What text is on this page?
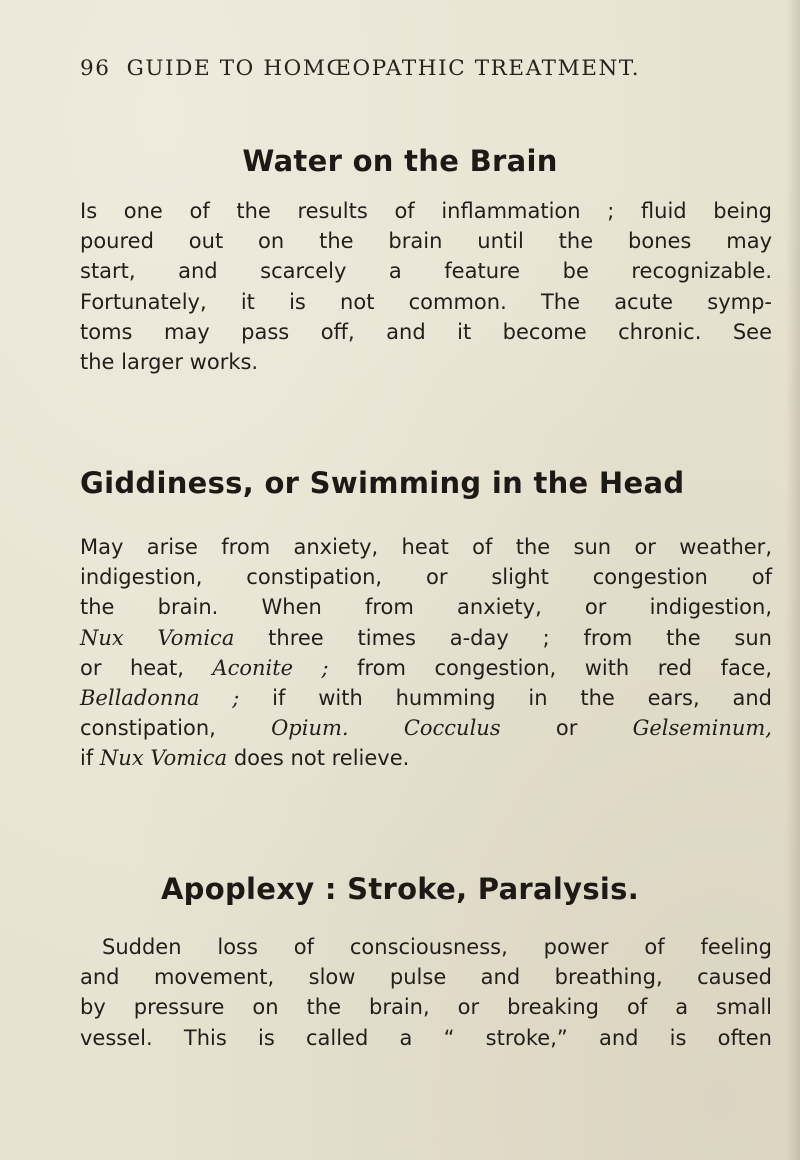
96 GUIDE TO HOMŒOPATHIC TREATMENT.
Water on the Brain
Is one of the results of inflammation ; fluid being
poured out on the brain until the bones may
start, and scarcely a feature be recognizable.
Fortunately, it is not common. The acute symp-
toms may pass off, and it become chronic. See
the larger works.
Giddiness, or Swimming in the Head
May arise from anxiety, heat of the sun or weather,
indigestion, constipation, or slight congestion of
the brain. When from anxiety, or indigestion,
Nux Vomica three times a-day ; from the sun
or heat, Aconite ; from congestion, with red face,
Belladonna ; if with humming in the ears, and
constipation,	Opium.	Cocculus	or	Gelseminum,
if Nux Vomica does not relieve.
Apoplexy : Stroke, Paralysis.
Sudden loss of consciousness, power of feeling
and movement, slow pulse and breathing, caused
by pressure on the brain, or breaking of a small
vessel. This is called a “ stroke,” and is often
